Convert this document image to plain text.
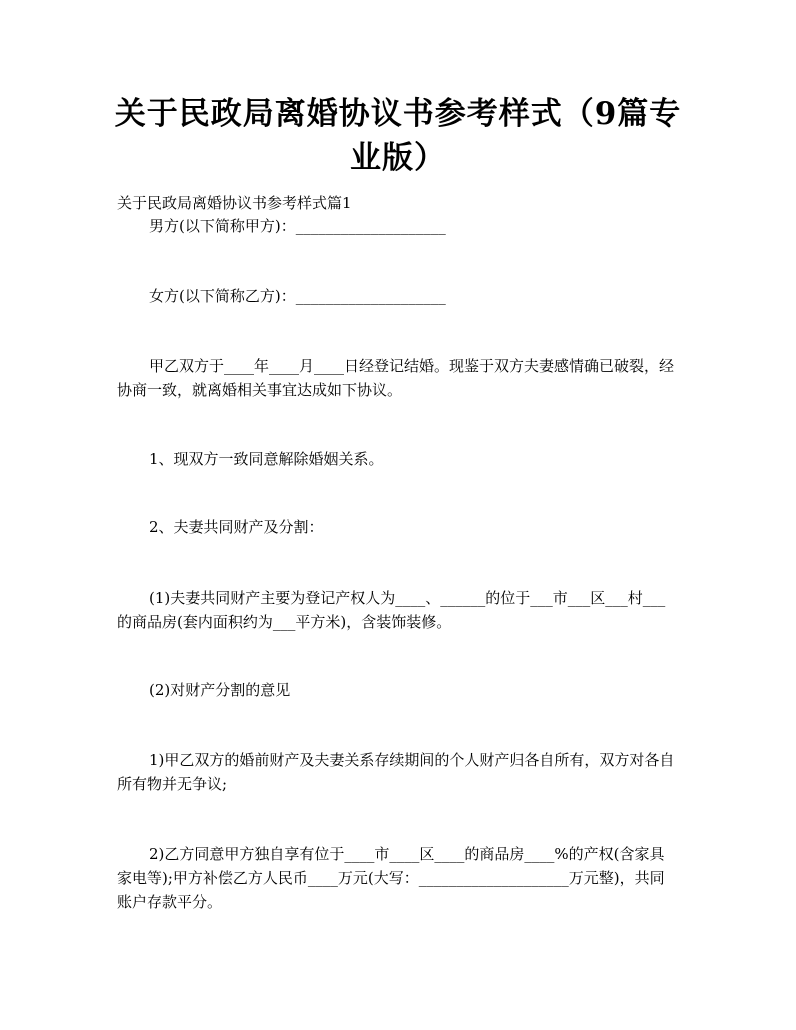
关于民政局离婚协议书参考样式（9篇专业版）
关于民政局离婚协议书参考样式篇1
男方(以下简称甲方)：____________________
女方(以下简称乙方)：____________________
甲乙双方于____年____月____日经登记结婚。现鉴于双方夫妻感情确已破裂，经协商一致，就离婚相关事宜达成如下协议。
1、现双方一致同意解除婚姻关系。
2、夫妻共同财产及分割：
(1)夫妻共同财产主要为登记产权人为____、______的位于___市___区___村___的商品房(套内面积约为___平方米)，含装饰装修。
(2)对财产分割的意见
1)甲乙双方的婚前财产及夫妻关系存续期间的个人财产归各自所有，双方对各自所有物并无争议;
2)乙方同意甲方独自享有位于____市____区____的商品房____%的产权(含家具家电等);甲方补偿乙方人民币____万元(大写：____________________万元整)，共同账户存款平分。
